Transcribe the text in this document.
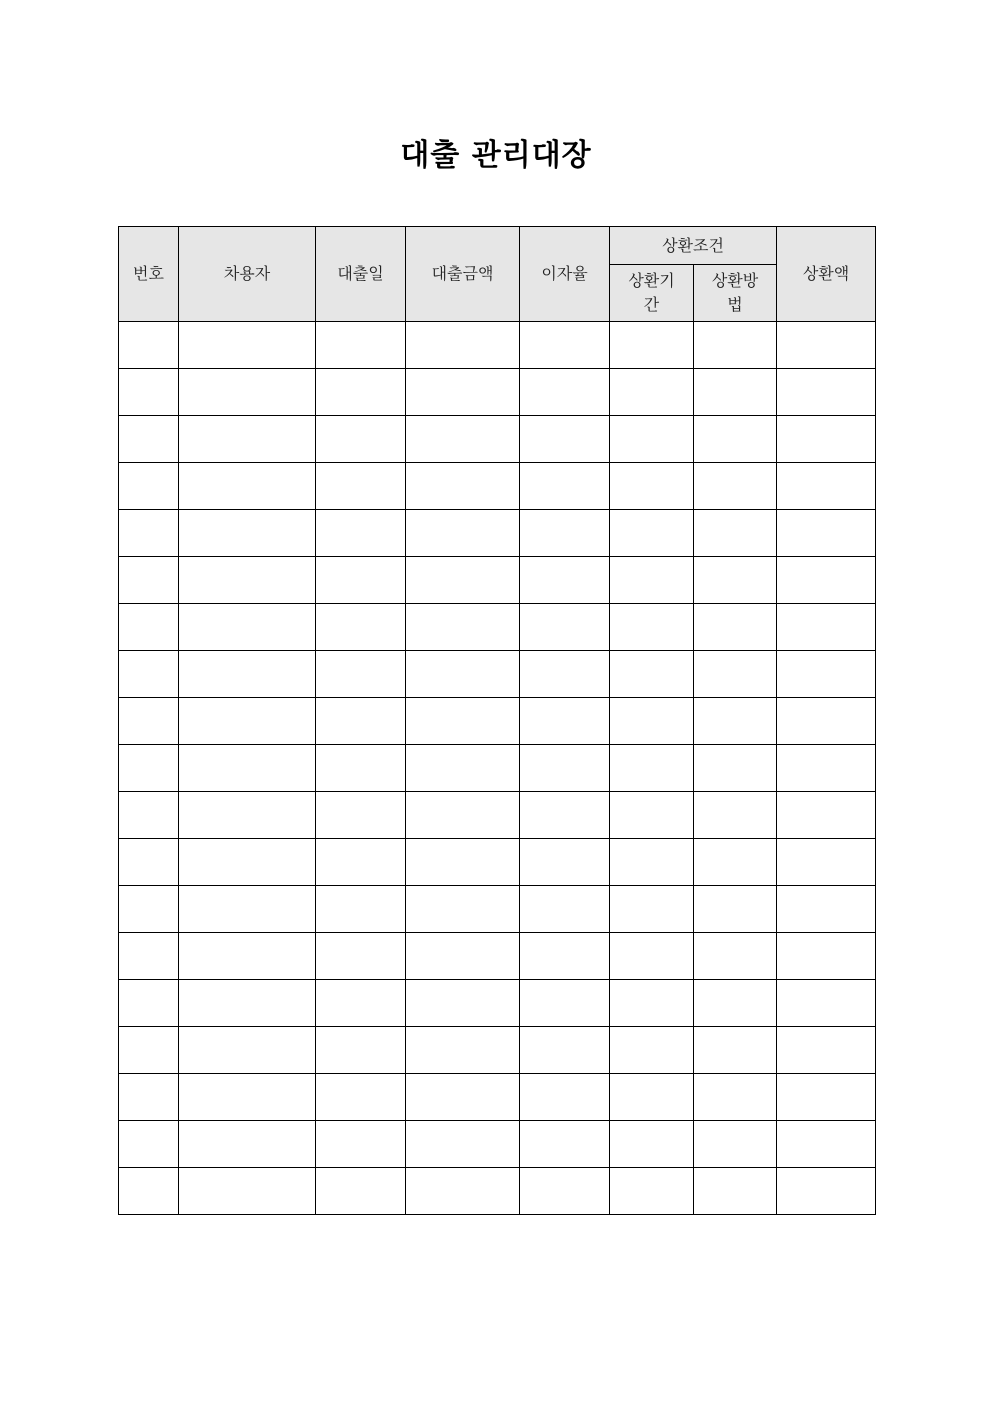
대출 관리대장
번호	차용자	대출일	대출금액	이자율	상환조건		상환액
					상환기간	상환방법	
